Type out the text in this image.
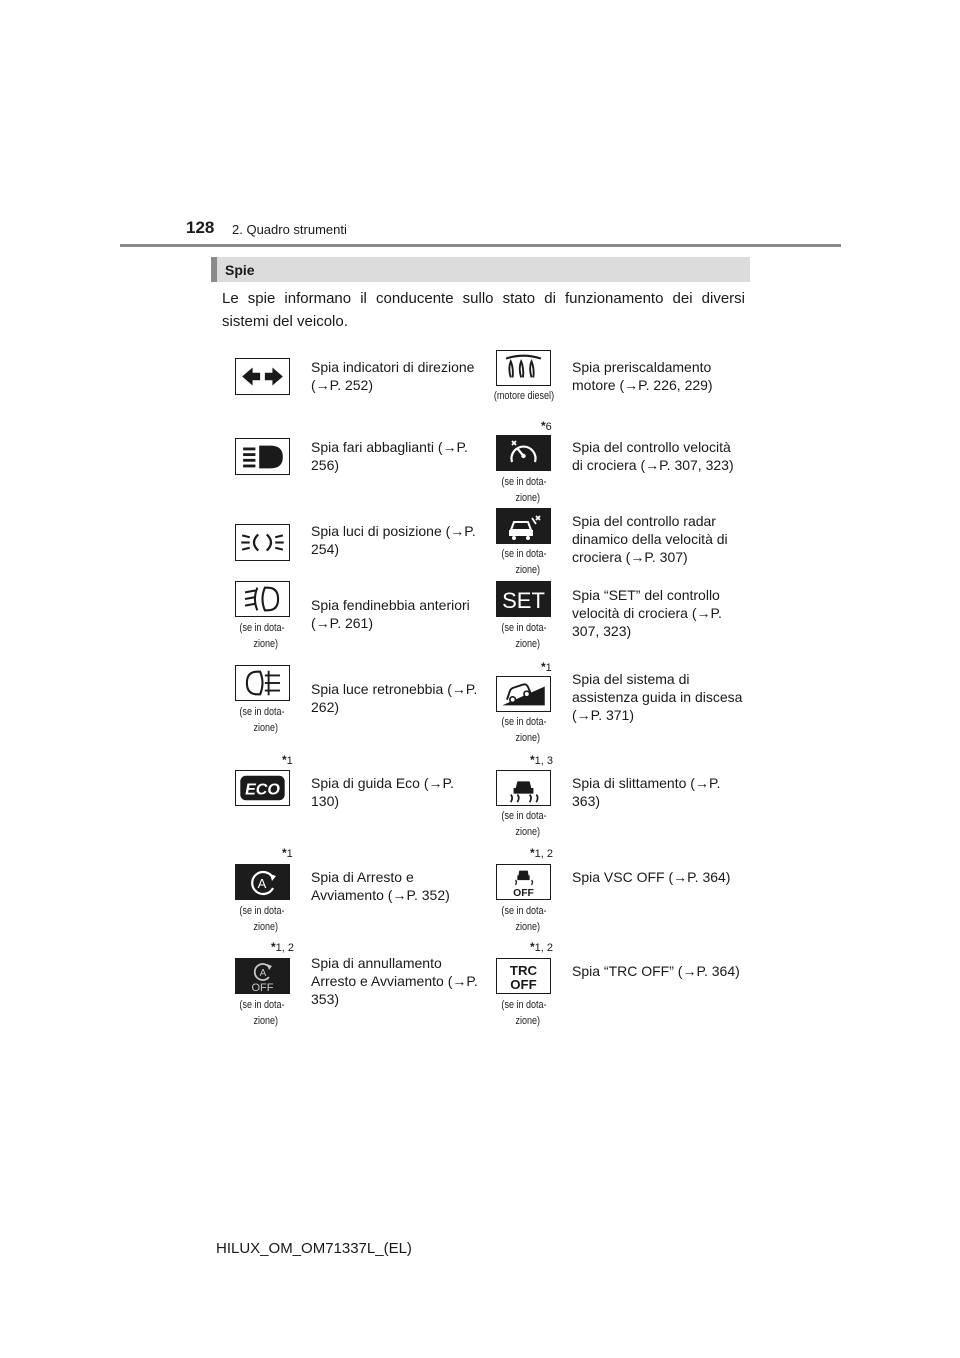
128 2. Quadro strumenti
Spie
Le spie informano il conducente sullo stato di funzionamento dei diversi sistemi del veicolo.
Spia indicatori di direzione (→P. 252)
(motore diesel)
Spia preriscaldamento motore (→P. 226, 229)
Spia fari abbaglianti (→P. 256)
*6
(se in dota-
zione)
Spia del controllo velocità di crociera (→P. 307, 323)
Spia luci di posizione (→P. 254)	(se in dota-
zione)
Spia del controllo radar dinamico della velocità di crociera (→P. 307)
(se in dota-
zione)
Spia fendinebbia anteriori (→P. 261)
SET
(se in dota-
zione)
Spia “SET” del controllo velocità di crociera (→P. 307, 323)
(se in dota-
zione)
Spia luce retronebbia (→P. 262)
*1
(se in dota-
zione)
Spia del sistema di assistenza guida in discesa (→P. 371)
*1
ECO Spia di guida Eco (→P. 130)
*1, 3
(se in dota-
zione)
Spia di slittamento (→P. 363)
*1
A
(se in dota-
zione)
Spia di Arresto e Avviamento (→P. 352)
*1, 2
OFF
(se in dota-
zione)
Spia VSC OFF (→P. 364)
*1, 2
A
OFF
(se in dota-
zione)
Spia di annullamento Arresto e Avviamento (→P. 353)
*1, 2
TRC
OFF
(se in dota-
zione)
Spia “TRC OFF” (→P. 364)
HILUX_OM_OM71337L_(EL)
